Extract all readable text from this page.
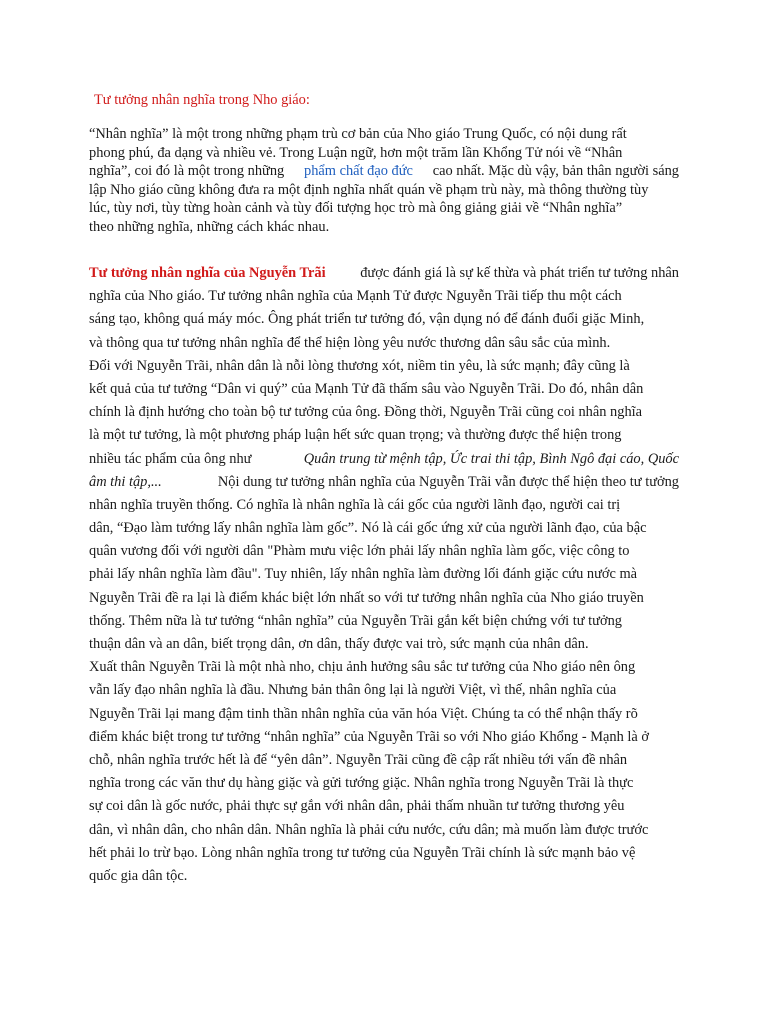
Tư tưởng nhân nghĩa trong Nho giáo:
“Nhân nghĩa” là một trong những phạm trù cơ bản của Nho giáo Trung Quốc, có nội dung rất
phong phú, đa dạng và nhiều vẻ. Trong Luận ngữ, hơn một trăm lần Khổng Tử nói về “Nhân
nghĩa”, coi đó là một trong những phẩm chất đạo đức cao nhất. Mặc dù vậy, bản thân người sáng
lập Nho giáo cũng không đưa ra một định nghĩa nhất quán về phạm trù này, mà thông thường tùy
lúc, tùy nơi, tùy từng hoàn cảnh và tùy đối tượng học trò mà ông giảng giải về “Nhân nghĩa”
theo những nghĩa, những cách khác nhau.
Tư tưởng nhân nghĩa của Nguyễn Trãi được đánh giá là sự kế thừa và phát triển tư tưởng nhân
nghĩa của Nho giáo. Tư tưởng nhân nghĩa của Mạnh Tử được Nguyễn Trãi tiếp thu một cách
sáng tạo, không quá máy móc. Ông phát triển tư tưởng đó, vận dụng nó để đánh đuổi giặc Minh,
và thông qua tư tưởng nhân nghĩa để thể hiện lòng yêu nước thương dân sâu sắc của mình.
Đối với Nguyễn Trãi, nhân dân là nỗi lòng thương xót, niềm tin yêu, là sức mạnh; đây cũng là
kết quả của tư tưởng “Dân vi quý” của Mạnh Tử đã thấm sâu vào Nguyễn Trãi. Do đó, nhân dân
chính là định hướng cho toàn bộ tư tưởng của ông. Đồng thời, Nguyễn Trãi cũng coi nhân nghĩa
là một tư tưởng, là một phương pháp luận hết sức quan trọng; và thường được thể hiện trong
nhiều tác phẩm của ông như	Quân trung từ mệnh tập, Ức trai thi tập, Bình Ngô đại cáo, Quốc
âm thi tập,...	Nội dung tư tưởng nhân nghĩa của Nguyễn Trãi vẫn được thể hiện theo tư tưởng
nhân nghĩa truyền thống. Có nghĩa là nhân nghĩa là cái gốc của người lãnh đạo, người cai trị
dân, “Đạo làm tướng lấy nhân nghĩa làm gốc”. Nó là cái gốc ứng xử của người lãnh đạo, của bậc
quân vương đối với người dân "Phàm mưu việc lớn phải lấy nhân nghĩa làm gốc, việc công to
phải lấy nhân nghĩa làm đầu". Tuy nhiên, lấy nhân nghĩa làm đường lối đánh giặc cứu nước mà
Nguyễn Trãi đề ra lại là điểm khác biệt lớn nhất so với tư tưởng nhân nghĩa của Nho giáo truyền
thống. Thêm nữa là tư tưởng “nhân nghĩa” của Nguyễn Trãi gắn kết biện chứng với tư tưởng
thuận dân và an dân, biết trọng dân, ơn dân, thấy được vai trò, sức mạnh của nhân dân.
Xuất thân Nguyễn Trãi là một nhà nho, chịu ảnh hưởng sâu sắc tư tưởng của Nho giáo nên ông
vẫn lấy đạo nhân nghĩa là đầu. Nhưng bản thân ông lại là người Việt, vì thế, nhân nghĩa của
Nguyễn Trãi lại mang đậm tinh thần nhân nghĩa của văn hóa Việt. Chúng ta có thể nhận thấy rõ
điểm khác biệt trong tư tưởng “nhân nghĩa” của Nguyễn Trãi so với Nho giáo Khổng - Mạnh là ở
chỗ, nhân nghĩa trước hết là để “yên dân”. Nguyễn Trãi cũng đề cập rất nhiều tới vấn đề nhân
nghĩa trong các văn thư dụ hàng giặc và gửi tướng giặc. Nhân nghĩa trong Nguyễn Trãi là thực
sự coi dân là gốc nước, phải thực sự gắn với nhân dân, phải thấm nhuần tư tưởng thương yêu
dân, vì nhân dân, cho nhân dân. Nhân nghĩa là phải cứu nước, cứu dân; mà muốn làm được trước
hết phải lo trừ bạo. Lòng nhân nghĩa trong tư tưởng của Nguyễn Trãi chính là sức mạnh bảo vệ
quốc gia dân tộc.
